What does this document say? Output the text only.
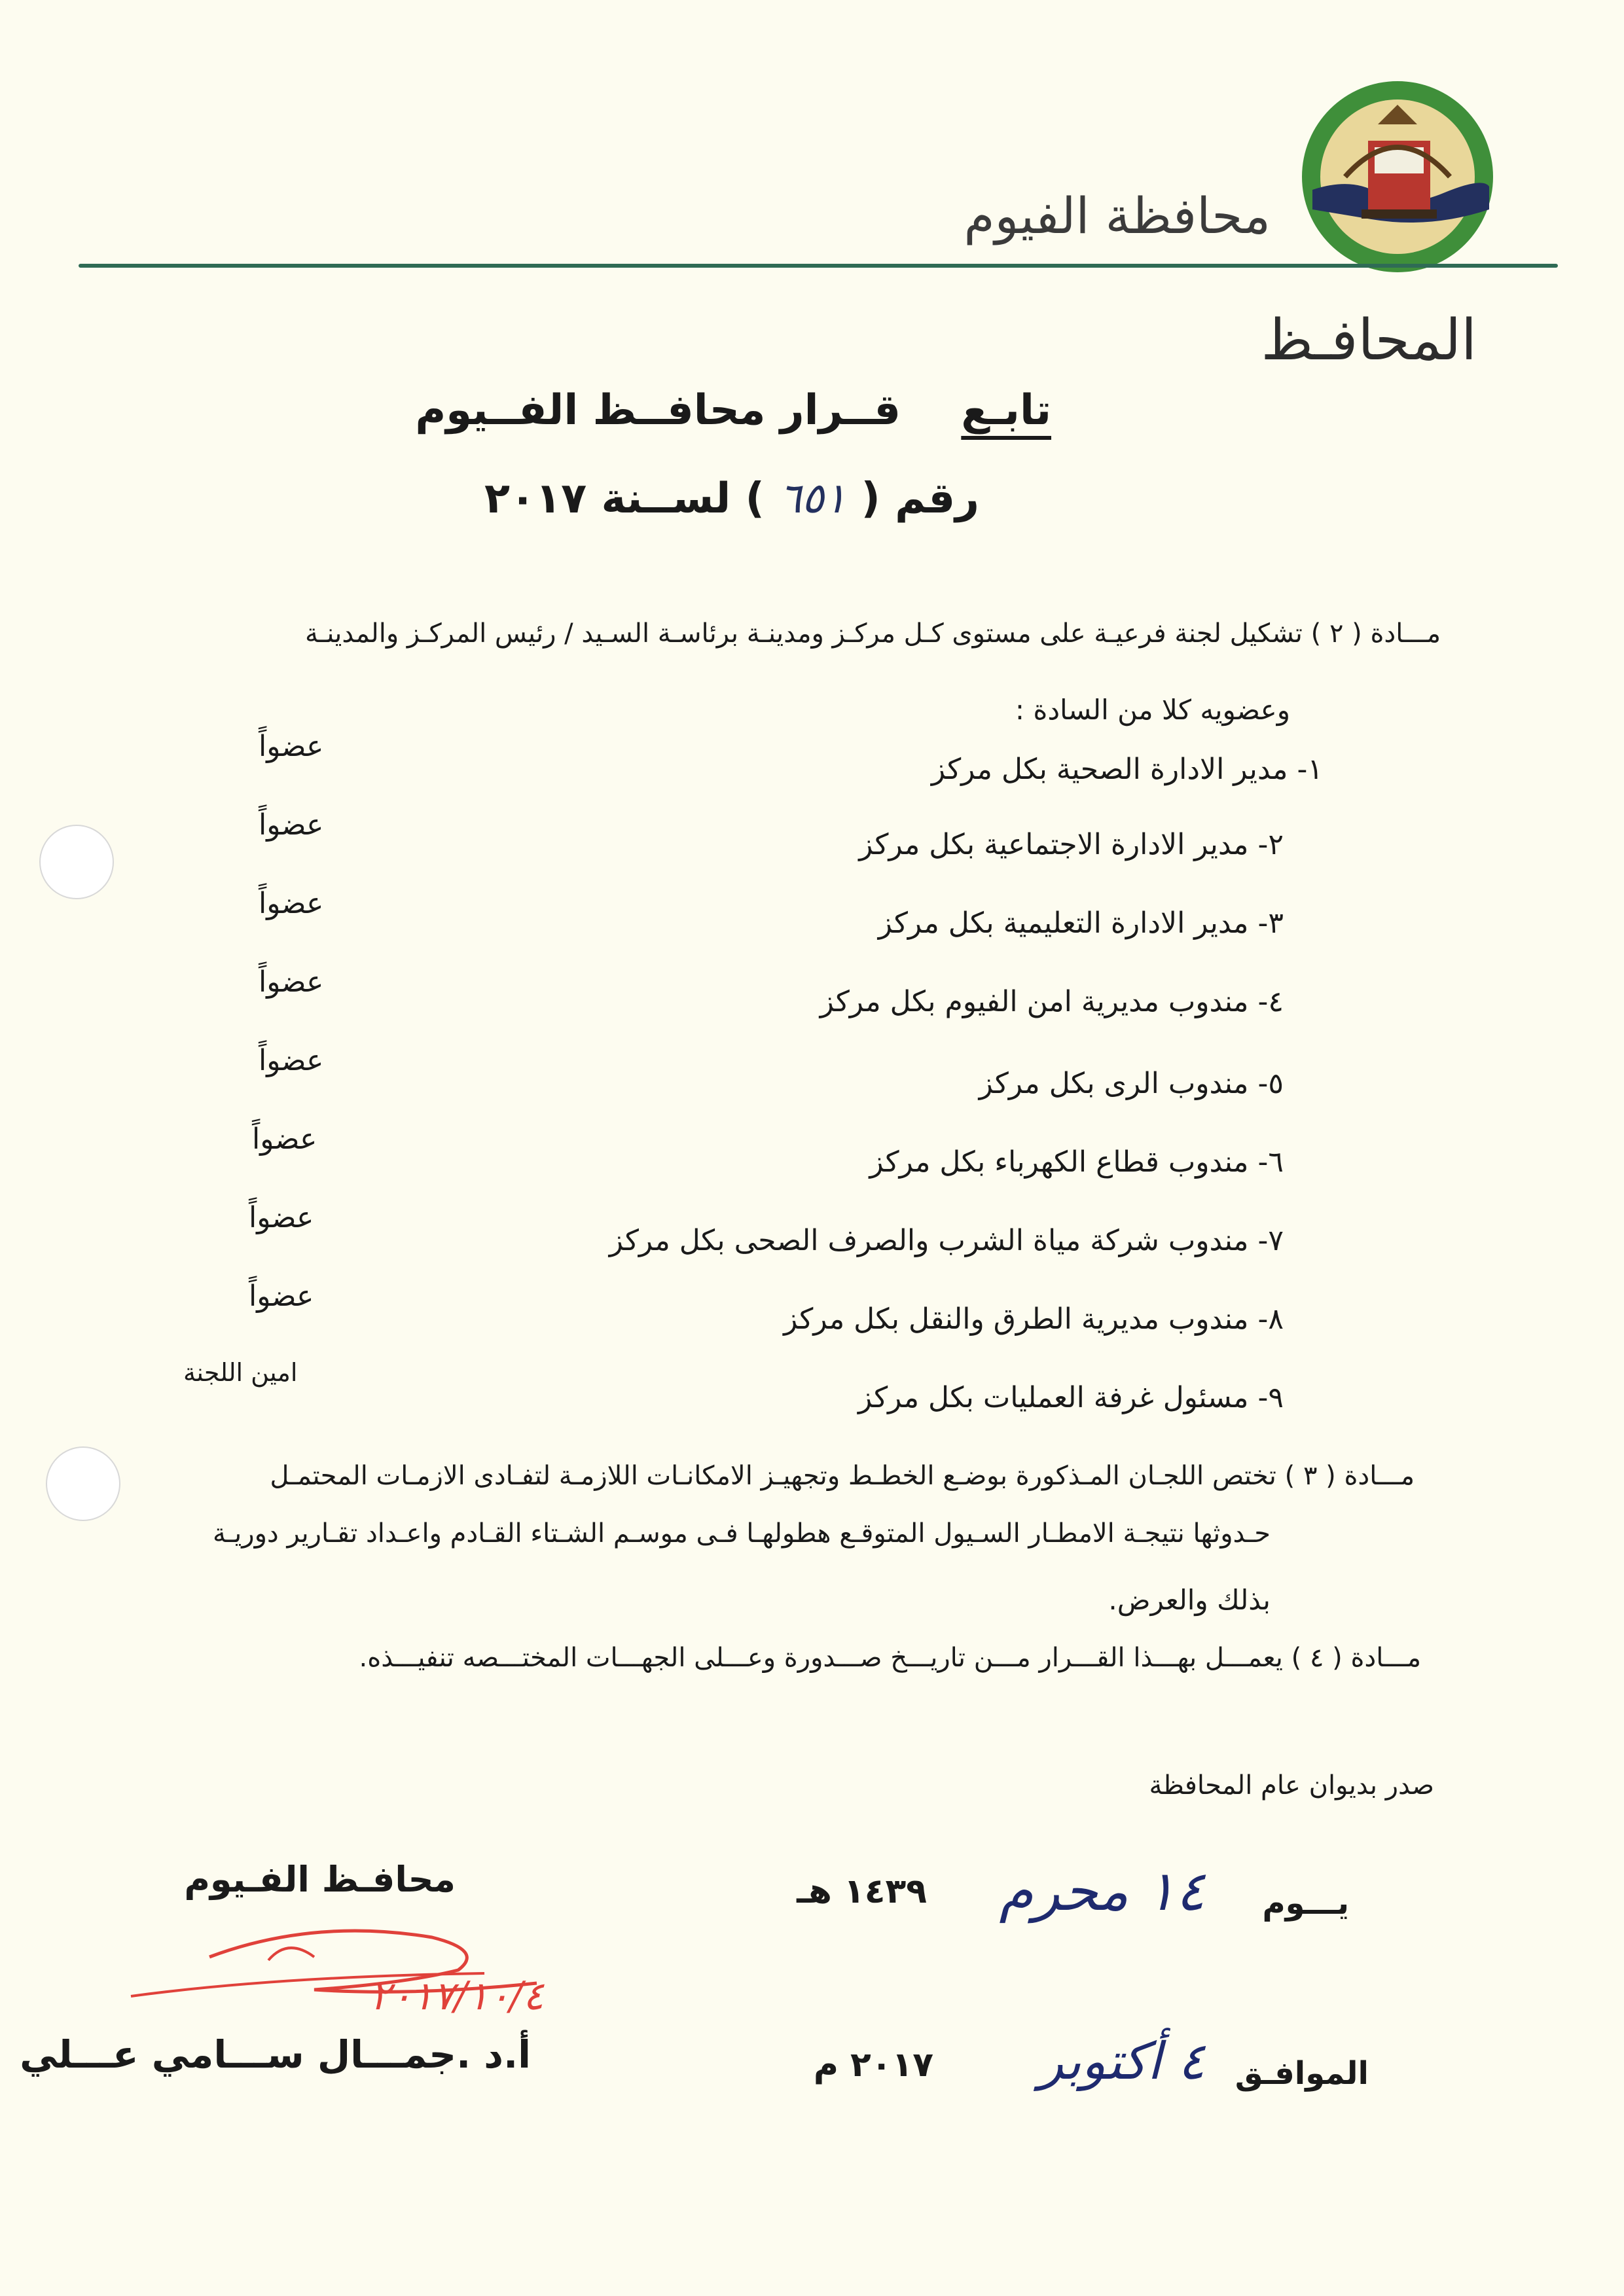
محافظة الفيوم
المحافـظ
تابـع قــرار محافــظ الفــيوم
رقم ( ٦٥١ ) لســنة ٢٠١٧
مـــادة ( ٢ ) تشكيل لجنة فرعيـة على مستوى كـل مركـز ومدينـة برئاسـة السـيد / رئيس المركـز والمدينـة
وعضويه كلا من السادة :
١- مدير الادارة الصحية بكل مركز
عضواً
٢- مدير الادارة الاجتماعية بكل مركز
عضواً
٣- مدير الادارة التعليمية بكل مركز
عضواً
٤- مندوب مديرية امن الفيوم بكل مركز
عضواً
٥- مندوب الرى بكل مركز
عضواً
٦- مندوب قطاع الكهرباء بكل مركز
عضواً
٧- مندوب شركة مياة الشرب والصرف الصحى بكل مركز
عضواً
٨- مندوب مديرية الطرق والنقل بكل مركز
عضواً
٩- مسئول غرفة العمليات بكل مركز
امين اللجنة
مـــادة ( ٣ ) تختص اللجـان المـذكورة بوضـع الخطـط وتجهيـز الامكانـات اللازمـة لتفـادى الازمـات المحتمـل
حـدوثها نتيجـة الامطـار السـيول المتوقـع هطولهـا فـى موسـم الشـتاء القـادم واعـداد تقـارير دوريـة
بذلك والعرض.
مـــادة ( ٤ ) يعمـــل بهـــذا القـــرار مـــن تاريـــخ صـــدورة وعـــلى الجهـــات المختـــصه تنفيـــذه.
صدر بديوان عام المحافظة
يـــوم
١٤ محرم
١٤٣٩ هـ
الموافـق
٤ أكتوبر
٢٠١٧ م
محافـظ الفـيوم
٢٠١٧/١٠/٤
أ.د .جمـــال ســـامي عـــلي
